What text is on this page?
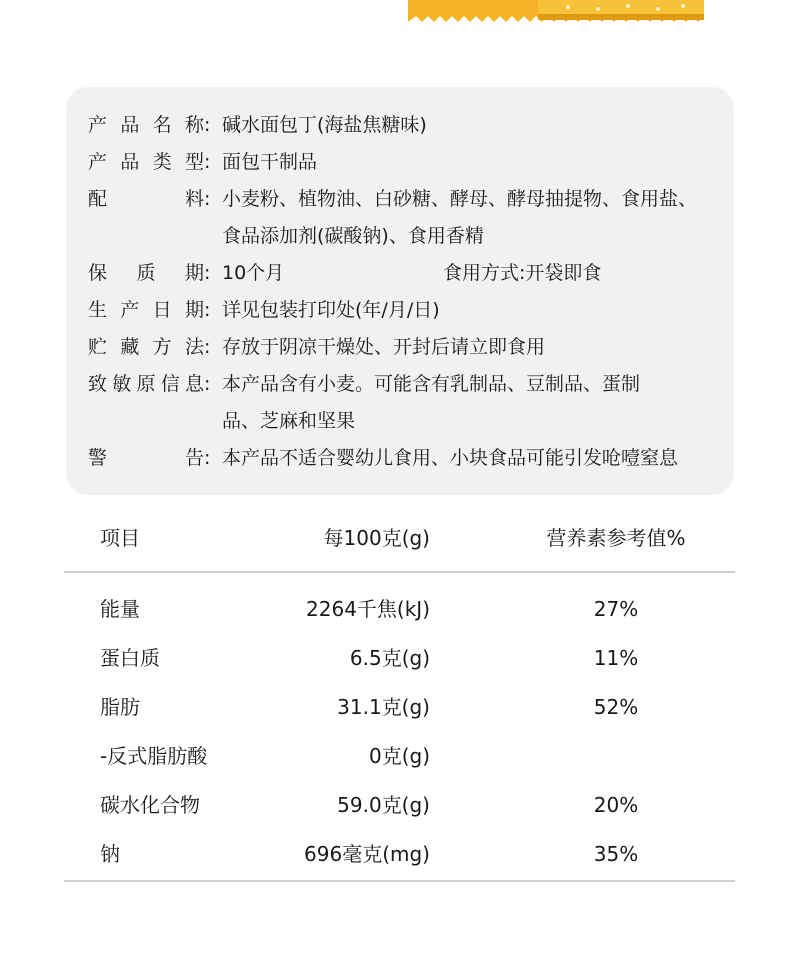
产品名称: 碱水面包丁(海盐焦糖味)
产品类型: 面包干制品
配料: 小麦粉、植物油、白砂糖、酵母、酵母抽提物、食用盐、
食品添加剂(碳酸钠)、食用香精
保质期: 10个月	食用方式:开袋即食
生产日期: 详见包装打印处(年/月/日)
贮藏方法: 存放于阴凉干燥处、开封后请立即食用
致敏原信息: 本产品含有小麦。可能含有乳制品、豆制品、蛋制
品、芝麻和坚果
警告: 本产品不适合婴幼儿食用、小块食品可能引发呛噎窒息
项目	每100克(g)	营养素参考值%
能量	2264千焦(kJ)	27%
蛋白质	6.5克(g)	11%
脂肪	31.1克(g)	52%
-反式脂肪酸	0克(g)
碳水化合物	59.0克(g)	20%
钠	696毫克(mg)	35%
